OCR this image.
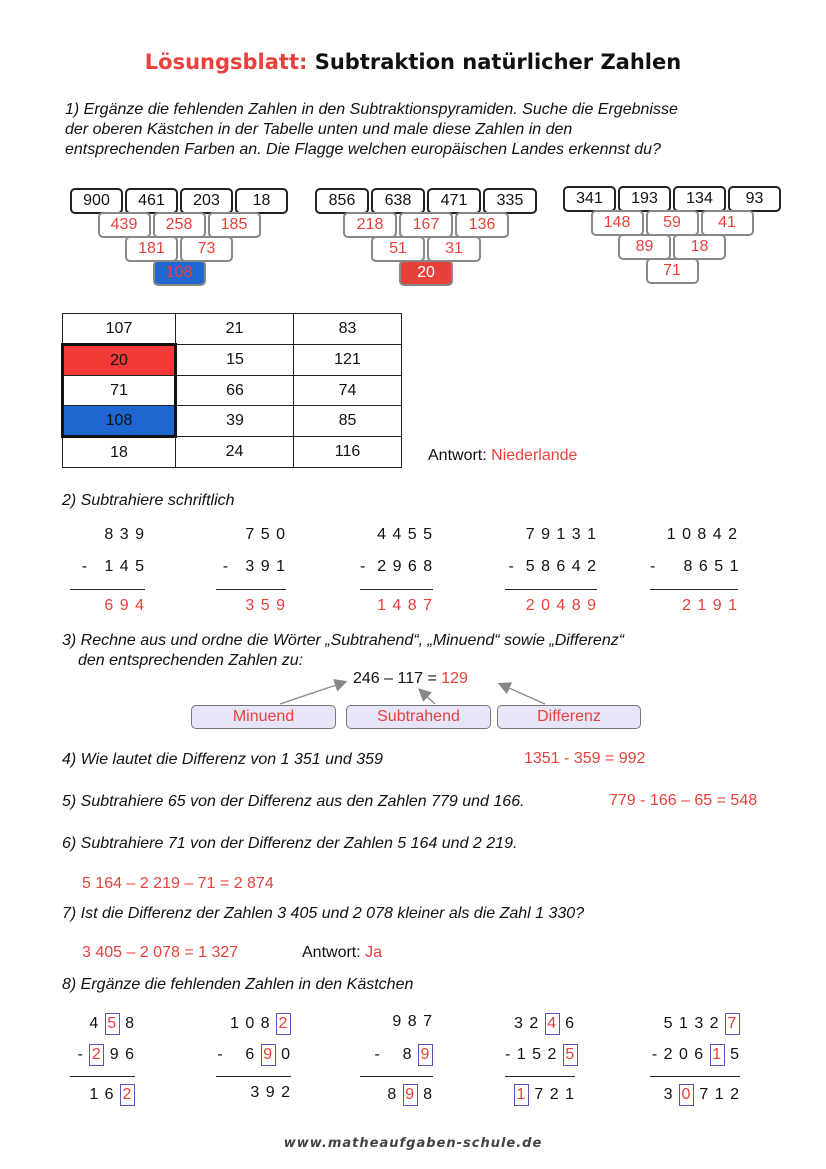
Lösungsblatt: Subtraktion natürlicher Zahlen
1) Ergänze die fehlenden Zahlen in den Subtraktionspyramiden. Suche die Ergebnisse
der oberen Kästchen in der Tabelle unten und male diese Zahlen in den
entsprechenden Farben an. Die Flagge welchen europäischen Landes erkennst du?
900	461	203	18
439	258	185
181	73
108
856	638	471	335
218	167	136
51	31
20
341	193	134	93
148	59	41
89	18
71
107	21	83
20	15	121
71	66	74
108	39	85
18	24	116	Antwort: Niederlande
2) Subtrahiere schriftlich
8 3 9
-   1 4 5
6 9 4
7 5 0
-   3 9 1
3 5 9
4 4 5 5
-  2 9 6 8
1 4 8 7
7 9 1 3 1
-  5 8 6 4 2
2 0 4 8 9
1 0 8 4 2
-     8 6 5 1
2 1 9 1
3) Rechne aus und ordne die Wörter „Subtrahend“, „Minuend“ sowie „Differenz“
den entsprechenden Zahlen zu:
246 – 117 = 129
Minuend	Subtrahend	Differenz
4) Wie lautet die Differenz von 1 351 und 359	1351 - 359 = 992
5) Subtrahiere 65 von der Differenz aus den Zahlen 779 und 166.	779 - 166 – 65 = 548
6) Subtrahiere 71 von der Differenz der Zahlen 5 164 und 2 219.
5 164 – 2 219 – 71 = 2 874
7) Ist die Differenz der Zahlen 3 405 und 2 078 kleiner als die Zahl 1 330?
3 405 – 2 078 = 1 327	Antwort: Ja
8) Ergänze die fehlenden Zahlen in den Kästchen
4 5 8
- 2 9 6
1 6 2
1 0 8 2
-    6 9 0
3 9 2
9 8 7
-    8 9
8 9 8
3 2 4 6
- 1 5 2 5
1 7 2 1
5 1 3 2 7
- 2 0 6 1 5
3 0 7 1 2
www.matheaufgaben-schule.de
